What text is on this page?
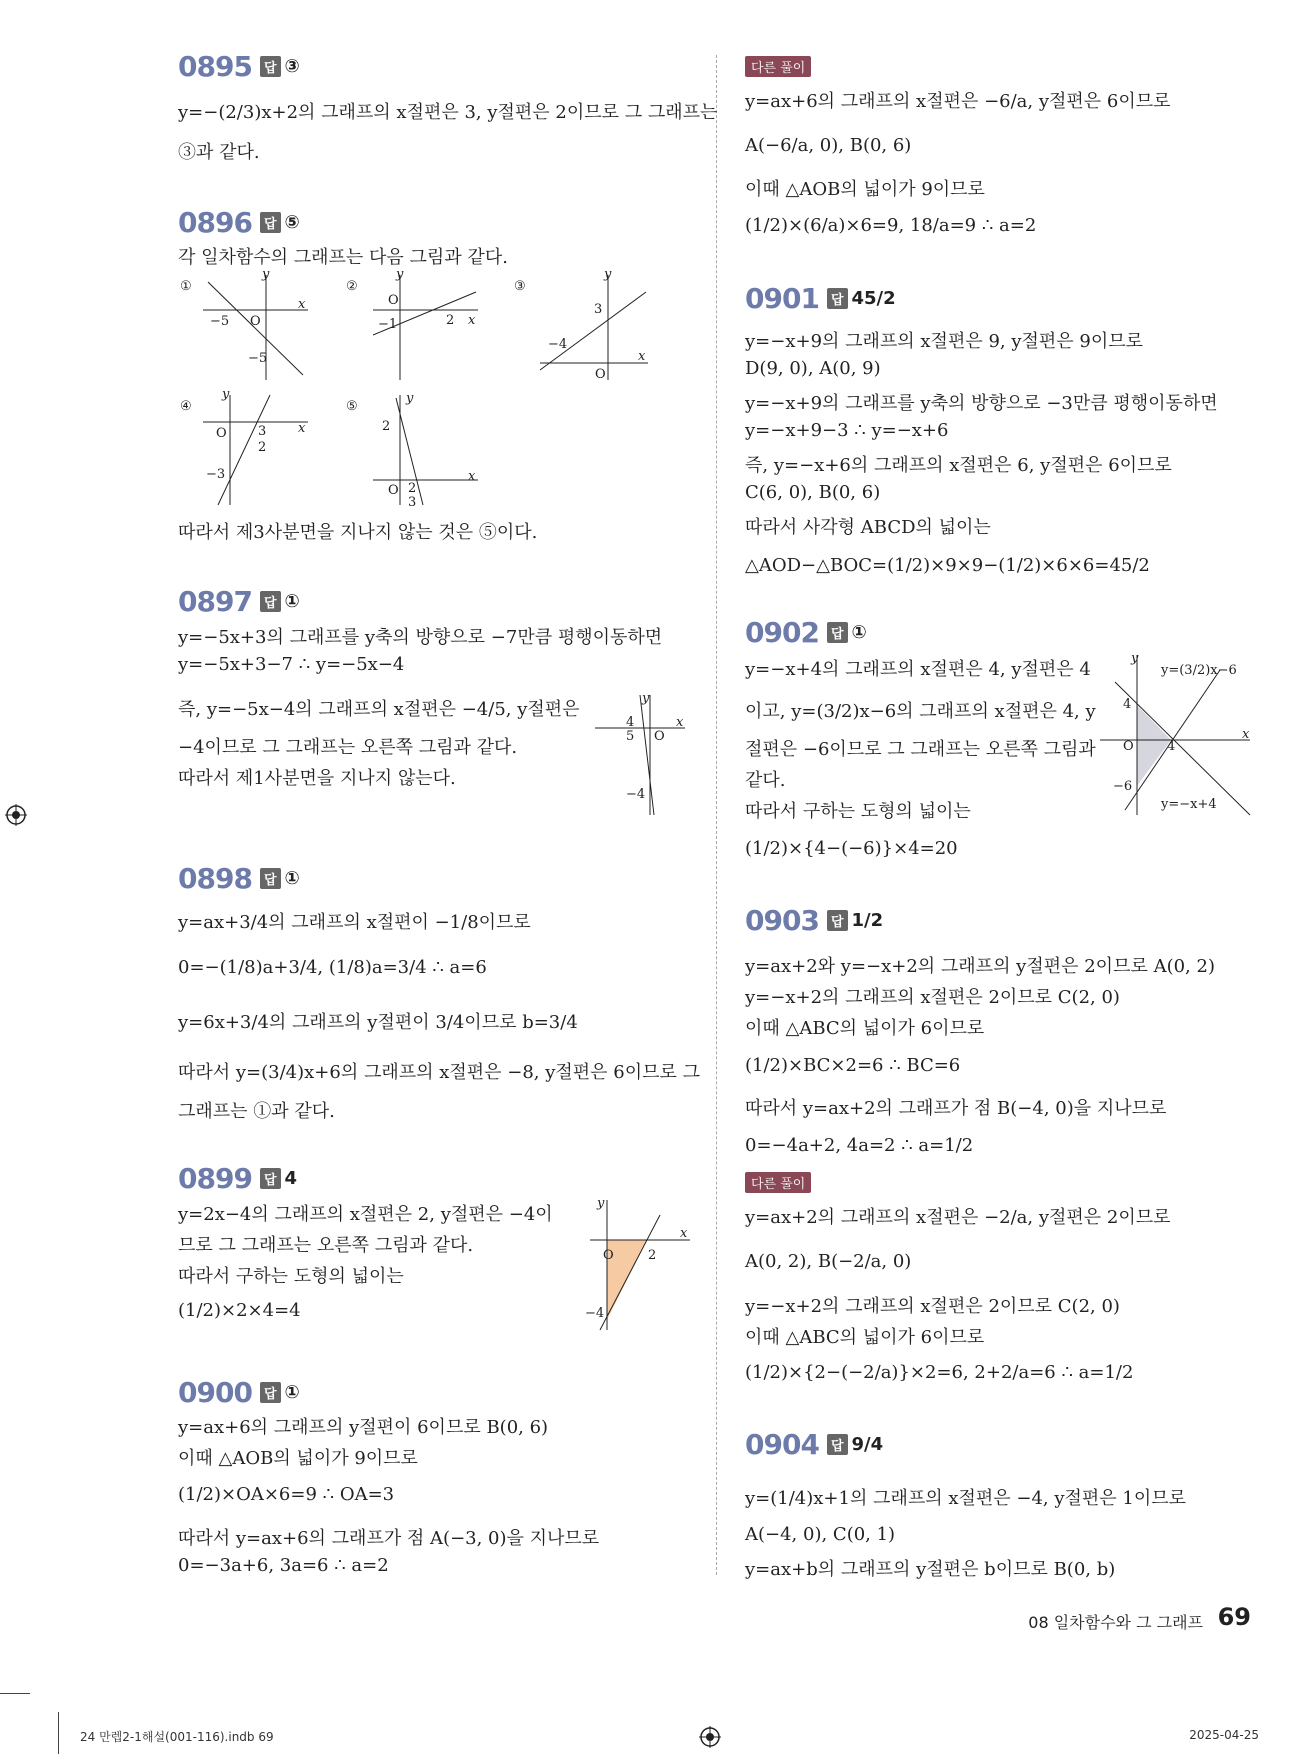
0895 답 ③
y=−(2/3)x+2의 그래프의 x절편은 3, y절편은 2이므로 그 그래프는
③과 같다.
0896 답 ⑤
각 일차함수의 그래프는 다음 그림과 같다.
①
−5 O
−5
x
y
②
O
−1	2 x
y
③
3
−4
O
x
y
④
O 3
2
−3
x
y
⑤
2
O 2
3
x
y
따라서 제3사분면을 지나지 않는 것은 ⑤이다.
0897 답 ①
y=−5x+3의 그래프를 y축의 방향으로 −7만큼 평행이동하면
y=−5x+3−7 ∴ y=−5x−4
즉, y=−5x−4의 그래프의 x절편은 −4/5, y절편은
−4이므로 그 그래프는 오른쪽 그림과 같다.
따라서 제1사분면을 지나지 않는다.
4
5 O
−4
x
y
0898 답 ①
y=ax+3/4의 그래프의 x절편이 −1/8이므로
0=−(1/8)a+3/4, (1/8)a=3/4 ∴ a=6
y=6x+3/4의 그래프의 y절편이 3/4이므로 b=3/4
따라서 y=(3/4)x+6의 그래프의 x절편은 −8, y절편은 6이므로 그
그래프는 ①과 같다.
0899 답 4
y=2x−4의 그래프의 x절편은 2, y절편은 −4이
므로 그 그래프는 오른쪽 그림과 같다.
따라서 구하는 도형의 넓이는
(1/2)×2×4=4
O	2
−4
x
y
0900 답 ①
y=ax+6의 그래프의 y절편이 6이므로 B(0, 6)
이때 △AOB의 넓이가 9이므로
(1/2)×OA×6=9 ∴ OA=3
따라서 y=ax+6의 그래프가 점 A(−3, 0)을 지나므로
0=−3a+6, 3a=6 ∴ a=2
다른 풀이
y=ax+6의 그래프의 x절편은 −6/a, y절편은 6이므로
A(−6/a, 0), B(0, 6)
이때 △AOB의 넓이가 9이므로
(1/2)×(6/a)×6=9, 18/a=9 ∴ a=2
0901 답 45/2
y=−x+9의 그래프의 x절편은 9, y절편은 9이므로
D(9, 0), A(0, 9)
y=−x+9의 그래프를 y축의 방향으로 −3만큼 평행이동하면
y=−x+9−3 ∴ y=−x+6
즉, y=−x+6의 그래프의 x절편은 6, y절편은 6이므로
C(6, 0), B(0, 6)
따라서 사각형 ABCD의 넓이는
△AOD−△BOC=(1/2)×9×9−(1/2)×6×6=45/2
0902 답 ①
y=−x+4의 그래프의 x절편은 4, y절편은 4
이고, y=(3/2)x−6의 그래프의 x절편은 4, y
절편은 −6이므로 그 그래프는 오른쪽 그림과
같다.
따라서 구하는 도형의 넓이는
(1/2)×{4−(−6)}×4=20
4
O	4
−6
x
y
y=(3/2)x−6
y=−x+4
0903 답 1/2
y=ax+2와 y=−x+2의 그래프의 y절편은 2이므로 A(0, 2)
y=−x+2의 그래프의 x절편은 2이므로 C(2, 0)
이때 △ABC의 넓이가 6이므로
(1/2)×BC×2=6 ∴ BC=6
따라서 y=ax+2의 그래프가 점 B(−4, 0)을 지나므로
0=−4a+2, 4a=2 ∴ a=1/2
다른 풀이
y=ax+2의 그래프의 x절편은 −2/a, y절편은 2이므로
A(0, 2), B(−2/a, 0)
y=−x+2의 그래프의 x절편은 2이므로 C(2, 0)
이때 △ABC의 넓이가 6이므로
(1/2)×{2−(−2/a)}×2=6, 2+2/a=6 ∴ a=1/2
0904 답 9/4
y=(1/4)x+1의 그래프의 x절편은 −4, y절편은 1이므로
A(−4, 0), C(0, 1)
y=ax+b의 그래프의 y절편은 b이므로 B(0, b)
08 일차함수와 그 그래프 69
24 만렙2-1해설(001-116).indb 69	2025-04-25
